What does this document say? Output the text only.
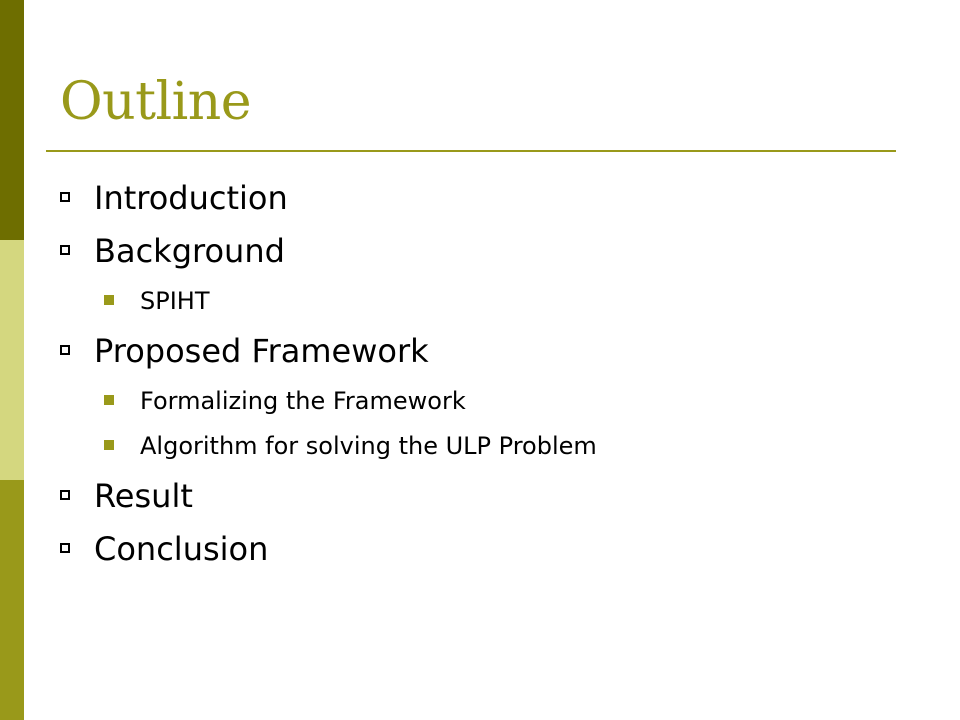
Outline
Introduction
Background
SPIHT
Proposed Framework
Formalizing the Framework
Algorithm for solving the ULP Problem
Result
Conclusion
